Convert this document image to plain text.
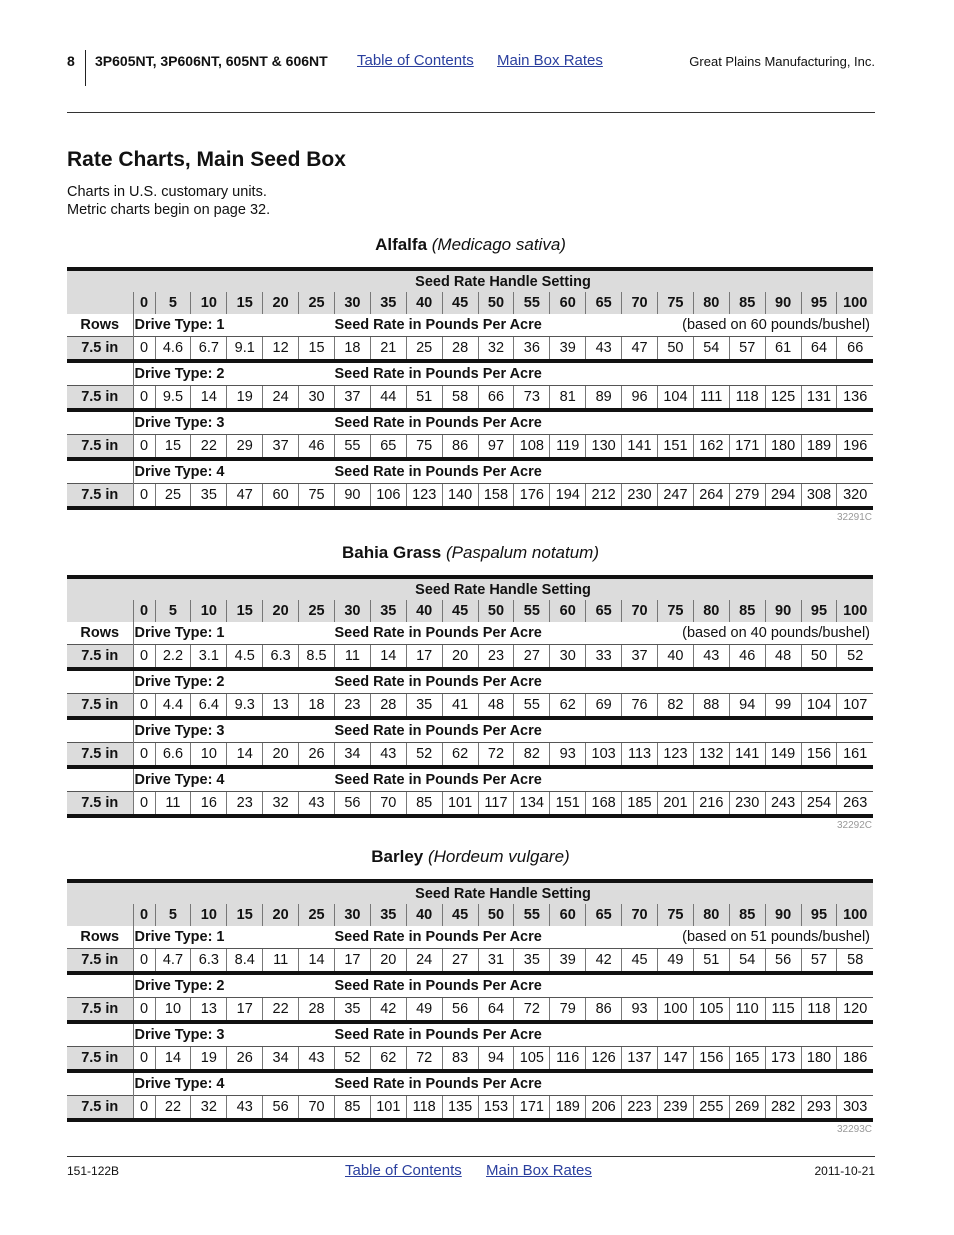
8 3P605NT, 3P606NT, 605NT & 606NT Table of Contents Main Box Rates	Great Plains Manufacturing, Inc.
Rate Charts, Main Seed Box
Charts in U.S. customary units.
Metric charts begin on page 32.
Alfalfa (Medicago sativa)
	Seed Rate Handle Setting																				
	0	5	10	15	20	25	30	35	40	45	50	55	60	65	70	75	80	85	90	95	100
Rows	Drive Type: 1						Seed Rate in Pounds Per Acre								(based on 60 pounds/bushel)						
7.5 in	0	4.6	6.7	9.1	12	15	18	21	25	28	32	36	39	43	47	50	54	57	61	64	66
	Drive Type: 2						Seed Rate in Pounds Per Acre														
7.5 in	0	9.5	14	19	24	30	37	44	51	58	66	73	81	89	96	104	111	118	125	131	136
	Drive Type: 3						Seed Rate in Pounds Per Acre														
7.5 in	0	15	22	29	37	46	55	65	75	86	97	108	119	130	141	151	162	171	180	189	196
	Drive Type: 4						Seed Rate in Pounds Per Acre														
7.5 in	0	25	35	47	60	75	90	106	123	140	158	176	194	212	230	247	264	279	294	308	320
32291C
Bahia Grass (Paspalum notatum)
	Seed Rate Handle Setting																				
	0	5	10	15	20	25	30	35	40	45	50	55	60	65	70	75	80	85	90	95	100
Rows	Drive Type: 1						Seed Rate in Pounds Per Acre								(based on 40 pounds/bushel)						
7.5 in	0	2.2	3.1	4.5	6.3	8.5	11	14	17	20	23	27	30	33	37	40	43	46	48	50	52
	Drive Type: 2						Seed Rate in Pounds Per Acre														
7.5 in	0	4.4	6.4	9.3	13	18	23	28	35	41	48	55	62	69	76	82	88	94	99	104	107
	Drive Type: 3						Seed Rate in Pounds Per Acre														
7.5 in	0	6.6	10	14	20	26	34	43	52	62	72	82	93	103	113	123	132	141	149	156	161
	Drive Type: 4						Seed Rate in Pounds Per Acre														
7.5 in	0	11	16	23	32	43	56	70	85	101	117	134	151	168	185	201	216	230	243	254	263
32292C
Barley (Hordeum vulgare)
	Seed Rate Handle Setting																				
	0	5	10	15	20	25	30	35	40	45	50	55	60	65	70	75	80	85	90	95	100
Rows	Drive Type: 1						Seed Rate in Pounds Per Acre								(based on 51 pounds/bushel)						
7.5 in	0	4.7	6.3	8.4	11	14	17	20	24	27	31	35	39	42	45	49	51	54	56	57	58
	Drive Type: 2						Seed Rate in Pounds Per Acre														
7.5 in	0	10	13	17	22	28	35	42	49	56	64	72	79	86	93	100	105	110	115	118	120
	Drive Type: 3						Seed Rate in Pounds Per Acre														
7.5 in	0	14	19	26	34	43	52	62	72	83	94	105	116	126	137	147	156	165	173	180	186
	Drive Type: 4						Seed Rate in Pounds Per Acre														
7.5 in	0	22	32	43	56	70	85	101	118	135	153	171	189	206	223	239	255	269	282	293	303
32293C
151-122B	Table of Contents Main Box Rates	2011-10-21
